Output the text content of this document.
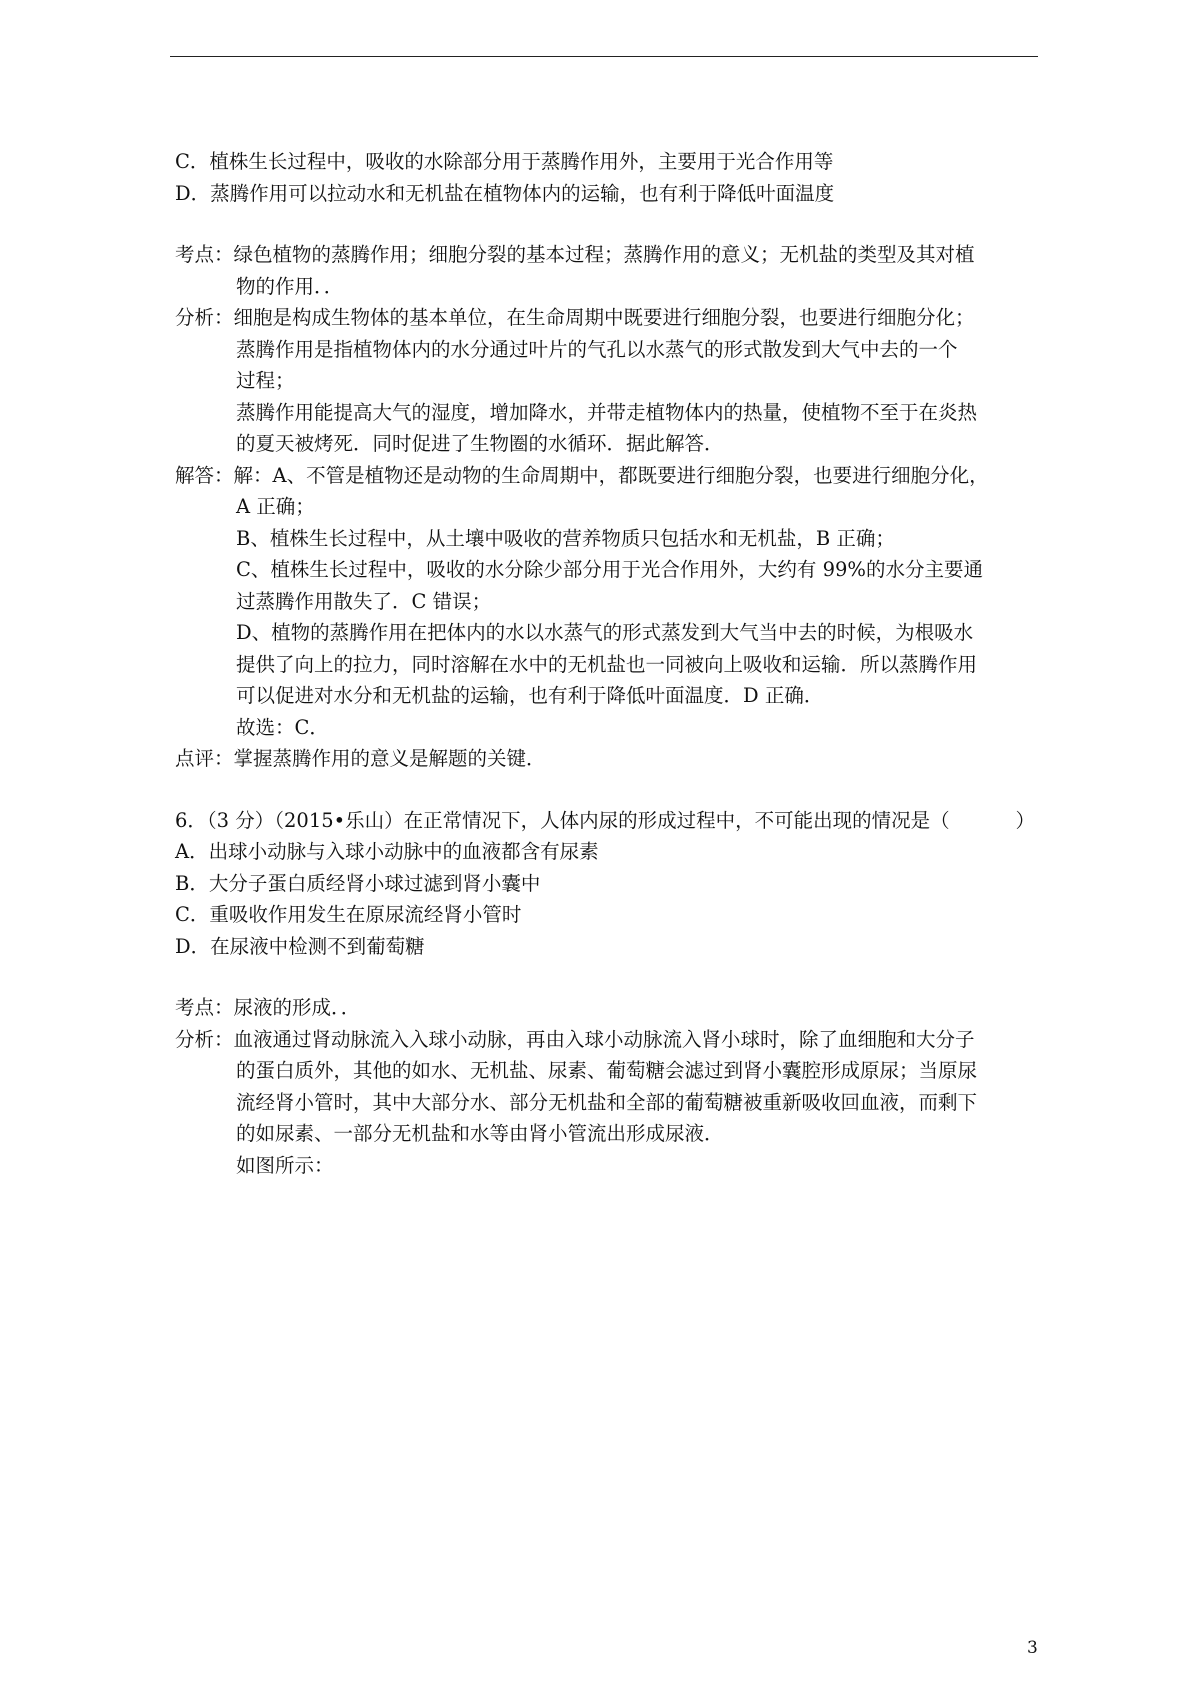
C．植株生长过程中，吸收的水除部分用于蒸腾作用外，主要用于光合作用等
D．蒸腾作用可以拉动水和无机盐在植物体内的运输，也有利于降低叶面温度
考点：绿色植物的蒸腾作用；细胞分裂的基本过程；蒸腾作用的意义；无机盐的类型及其对植
物的作用．．
分析：细胞是构成生物体的基本单位，在生命周期中既要进行细胞分裂，也要进行细胞分化；
蒸腾作用是指植物体内的水分通过叶片的气孔以水蒸气的形式散发到大气中去的一个
过程；
蒸腾作用能提高大气的湿度，增加降水，并带走植物体内的热量，使植物不至于在炎热
的夏天被烤死．同时促进了生物圈的水循环．据此解答．
解答：解：A、不管是植物还是动物的生命周期中，都既要进行细胞分裂，也要进行细胞分化，
A 正确；
B、植株生长过程中，从土壤中吸收的营养物质只包括水和无机盐，B 正确；
C、植株生长过程中，吸收的水分除少部分用于光合作用外，大约有 99%的水分主要通
过蒸腾作用散失了．C 错误；
D、植物的蒸腾作用在把体内的水以水蒸气的形式蒸发到大气当中去的时候，为根吸水
提供了向上的拉力，同时溶解在水中的无机盐也一同被向上吸收和运输．所以蒸腾作用
可以促进对水分和无机盐的运输，也有利于降低叶面温度．D 正确．
故选：C．
点评：掌握蒸腾作用的意义是解题的关键．
6．（3 分）（2015•乐山）在正常情况下，人体内尿的形成过程中，不可能出现的情况是（	）
A．出球小动脉与入球小动脉中的血液都含有尿素
B．大分子蛋白质经肾小球过滤到肾小囊中
C．重吸收作用发生在原尿流经肾小管时
D．在尿液中检测不到葡萄糖
考点：尿液的形成．．
分析：血液通过肾动脉流入入球小动脉，再由入球小动脉流入肾小球时，除了血细胞和大分子
的蛋白质外，其他的如水、无机盐、尿素、葡萄糖会滤过到肾小囊腔形成原尿；当原尿
流经肾小管时，其中大部分水、部分无机盐和全部的葡萄糖被重新吸收回血液，而剩下
的如尿素、一部分无机盐和水等由肾小管流出形成尿液．
如图所示：
3
